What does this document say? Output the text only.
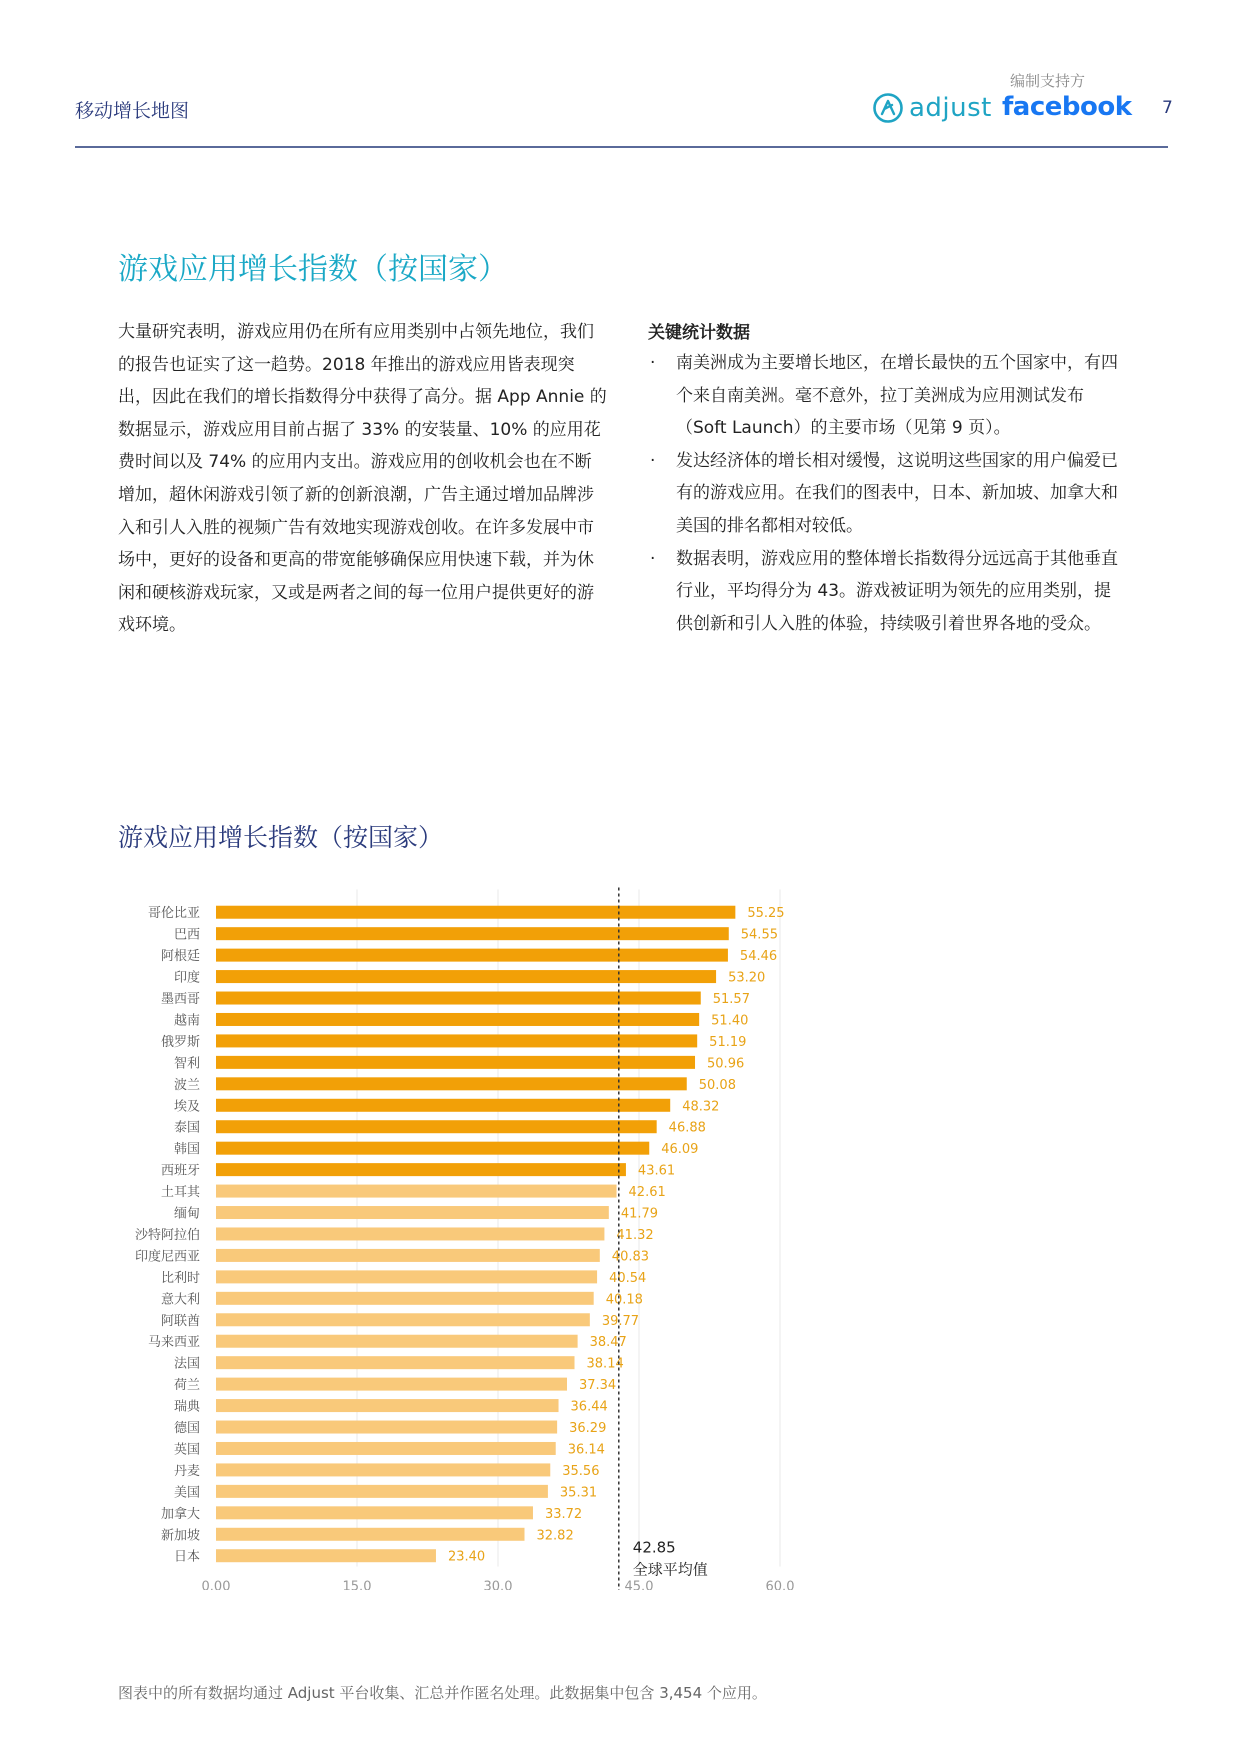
移动增长地图
编制支持方
adjust facebook 7
游戏应用增长指数（按国家）
大量研究表明，游戏应用仍在所有应用类别中占领先地位，我们的报告也证实了这一趋势。2018 年推出的游戏应用皆表现突出，因此在我们的增长指数得分中获得了高分。据 App Annie 的数据显示，游戏应用目前占据了 33% 的安装量、10% 的应用花费时间以及 74% 的应用内支出。游戏应用的创收机会也在不断增加，超休闲游戏引领了新的创新浪潮，广告主通过增加品牌涉入和引人入胜的视频广告有效地实现游戏创收。在许多发展中市场中，更好的设备和更高的带宽能够确保应用快速下载，并为休闲和硬核游戏玩家，又或是两者之间的每一位用户提供更好的游戏环境。
关键统计数据
· 南美洲成为主要增长地区，在增长最快的五个国家中，有四个来自南美洲。毫不意外，拉丁美洲成为应用测试发布（Soft Launch）的主要市场（见第 9 页）。
· 发达经济体的增长相对缓慢，这说明这些国家的用户偏爱已有的游戏应用。在我们的图表中，日本、新加坡、加拿大和美国的排名都相对较低。
· 数据表明，游戏应用的整体增长指数得分远远高于其他垂直行业，平均得分为 43。游戏被证明为领先的应用类别，提供创新和引人入胜的体验，持续吸引着世界各地的受众。
游戏应用增长指数（按国家）
0.00	15.0	30.0	45.0	60.0
哥伦比亚	55.25
巴西	54.55
阿根廷	54.46
印度	53.20
墨西哥	51.57
越南	51.40
俄罗斯	51.19
智利	50.96
波兰	50.08
埃及	48.32
泰国	46.88
韩国	46.09
西班牙	43.61
土耳其	42.61
缅甸	41.79
沙特阿拉伯	41.32
印度尼西亚	40.83
比利时	40.54
意大利	40.18
阿联酋	39.77
马来西亚	38.47
法国	38.14
荷兰	37.34
瑞典	36.44
德国	36.29
英国	36.14
丹麦	35.56
美国	35.31
加拿大	33.72
新加坡	32.82
日本	23.40
42.85
全球平均值
图表中的所有数据均通过 Adjust 平台收集、汇总并作匿名处理。此数据集中包含 3,454 个应用。
